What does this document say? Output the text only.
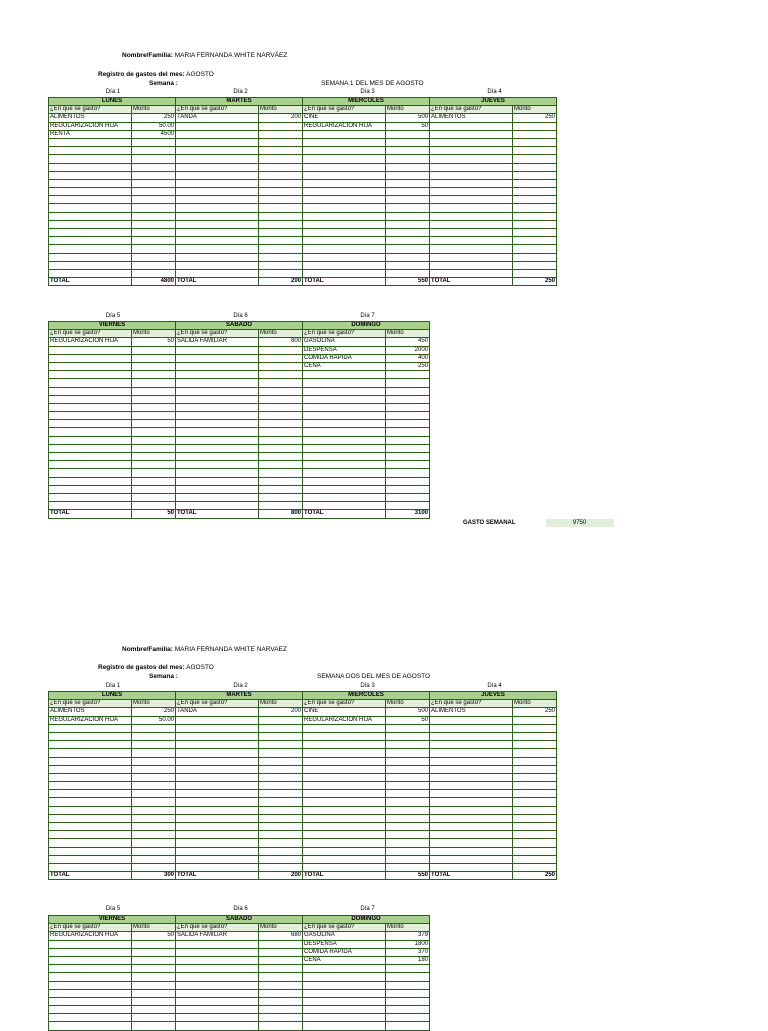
Nombre/Familia: MARIA FERNANDA WHITE NARVÁEZ
Registro de gastos del mes: AGOSTO
Semana :	SEMANA 1 DEL MES DE AGOSTO
Día 1	Día 2	Día 3	Día 4
LUNES		MARTES		MIÉRCOLES		JUEVES	
¿En qué se gasto?	Monto	¿En qué se gasto?	Monto	¿En qué se gasto?	Monto	¿En qué se gasto?	Monto
ALIMENTOS	250	TANDA	200	CINE	500	ALIMENTOS	250
REGULARIZACION HIJA	50.00			REGULARIZACION HIJA	50		
RENTA	4500						

TOTAL	4800	TOTAL	200	TOTAL	550	TOTAL	250
Día 5	Día 6	Día 7
VIERNES		SÁBADO		DOMINGO	
¿En qué se gasto?	Monto	¿En qué se gasto?	Monto	¿En qué se gasto?	Monto
REGULARIZACION HIJA	50	SALIDA FAMILIAR	800	GASOLINA	450
				DESPENSA	2000
				COMIDA RAPIDA	400
				CENA	250

TOTAL	50	TOTAL	800	TOTAL	3100
GASTO SEMANAL	9750
Nombre/Familia: MARIA FERNANDA WHITE NARVAEZ
Registro de gastos del mes: AGOSTO
Semana :	SEMANA DOS DEL MES DE AGOSTO
Día 1	Día 2	Día 3	Día 4
LUNES		MARTES		MIÉRCOLES		JUEVES	
¿En qué se gasto?	Monto	¿En qué se gasto?	Monto	¿En qué se gasto?	Monto	¿En qué se gasto?	Monto
ALIMENTOS	250	TANDA	200	CINE	500	ALIMENTOS	250
REGULARIZACION HIJA	50.00			REGULARIZACION HIJA	50		

TOTAL	300	TOTAL	200	TOTAL	550	TOTAL	250
Día 5	Día 6	Día 7
VIERNES		SÁBADO		DOMINGO	
¿En qué se gasto?	Monto	¿En qué se gasto?	Monto	¿En qué se gasto?	Monto
REGULARIZACION HIJA	50	SALIDA FAMILIAR	680	GASOLINA	379
				DESPENSA	1800
				COMIDA RAPIDA	370
				CENA	180
